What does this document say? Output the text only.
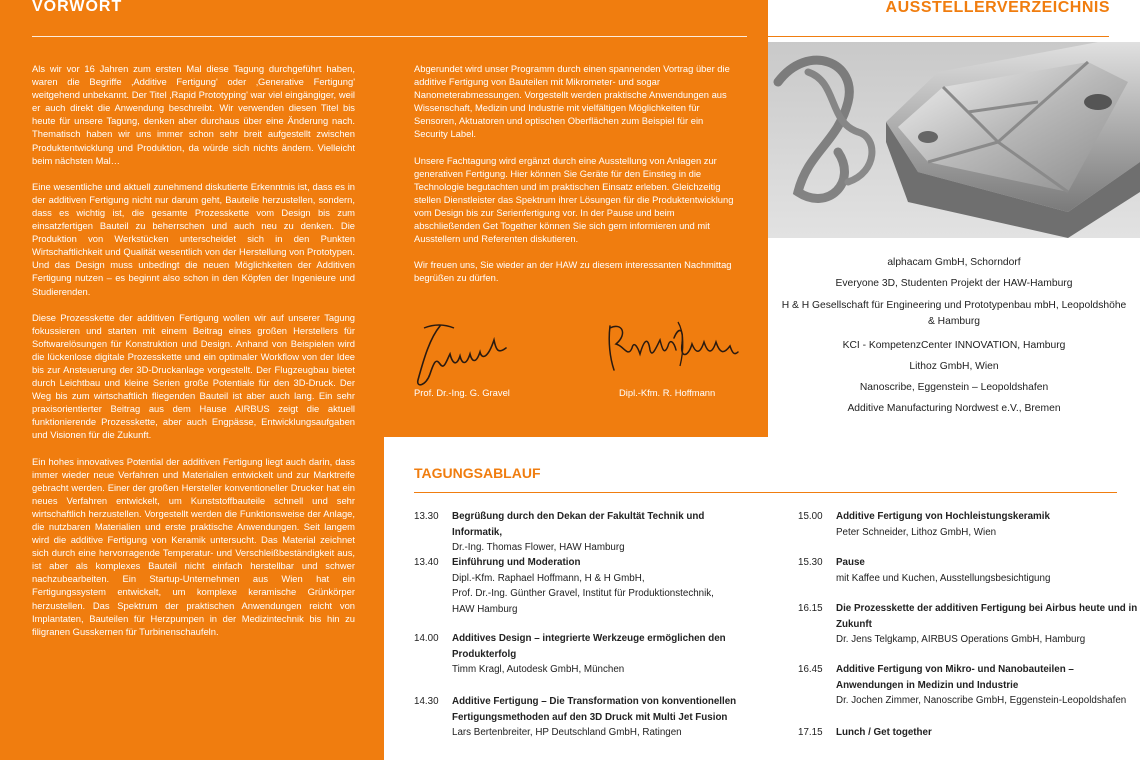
VORWORT

Als wir vor 16 Jahren zum ersten Mal diese Tagung durchgeführt haben, waren die Begriffe ‚Additive Fertigung' oder ‚Generative Fertigung' weitgehend unbekannt. Der Titel ‚Rapid Prototyping' war viel eingängiger, weil er auch direkt die Anwendung beschreibt. Wir verwenden diesen Titel bis heute für unsere Tagung, denken aber durchaus über eine Änderung nach. Thematisch haben wir uns immer schon sehr breit aufgestellt zwischen Produktentwicklung und Produktion, da würde sich nichts ändern. Vielleicht beim nächsten Mal…

Eine wesentliche und aktuell zunehmend diskutierte Erkenntnis ist, dass es in der additiven Fertigung nicht nur darum geht, Bauteile herzustellen, sondern, dass es wichtig ist, die gesamte Prozesskette vom Design bis zum einsatzfertigen Bauteil zu beherrschen und auch neu zu denken. Die Produktion von Werkstücken unterscheidet sich in den Punkten Wirtschaftlichkeit und Qualität wesentlich von der Herstellung von Prototypen. Und das Design muss unbedingt die neuen Möglichkeiten der Additiven Fertigung nutzen – es beginnt also schon in den Köpfen der Ingenieure und Studierenden.

Diese Prozesskette der additiven Fertigung wollen wir auf unserer Tagung fokussieren und starten mit einem Beitrag eines großen Herstellers für Softwarelösungen für Konstruktion und Design. Anhand von Beispielen wird die lückenlose digitale Prozesskette und ein optimaler Workflow von der Idee bis zur Ansteuerung der 3D-Druckanlage vorgestellt. Der Flugzeugbau bietet durch Leichtbau und kleine Serien große Potentiale für den 3D-Druck. Der Weg bis zum wirtschaftlich fliegenden Bauteil ist aber auch lang. Ein sehr praxisorientierter Beitrag aus dem Hause AIRBUS zeigt die aktuell funktionierende Prozesskette, aber auch Engpässe, Entwicklungsaufgaben und Visionen für die Zukunft.

Ein hohes innovatives Potential der additiven Fertigung liegt auch darin, dass immer wieder neue Verfahren und Materialien entwickelt und zur Marktreife gebracht werden. Einer der großen Hersteller konventioneller Drucker hat ein neues Verfahren entwickelt, um Kunststoffbauteile schnell und sehr wirtschaftlich herzustellen. Vorgestellt werden die Funktionsweise der Anlage, die nutzbaren Materialien und erste praktische Anwendungen. Seit langem wird die additive Fertigung von Keramik untersucht. Das Material zeichnet sich durch eine hervorragende Temperatur- und Verschleißbeständigkeit aus, ist aber als komplexes Bauteil nicht einfach herstellbar und schwer nachzubearbeiten. Ein Startup-Unternehmen aus Wien hat ein Fertigungssystem entwickelt, um komplexe keramische Grünkörper herzustellen. Das Spektrum der praktischen Anwendungen reicht von Implantaten, Bauteilen für Herzpumpen in der Medizintechnik bis hin zu filigranen Gusskernen für Turbinenschaufeln.

Abgerundet wird unser Programm durch einen spannenden Vortrag über die additive Fertigung von Bauteilen mit Mikrometer- und sogar Nanometerabmessungen. Vorgestellt werden praktische Anwendungen aus Wissenschaft, Medizin und Industrie mit vielfältigen Möglichkeiten für Sensoren, Aktuatoren und optischen Oberflächen zum Beispiel für ein Security Label.

Unsere Fachtagung wird ergänzt durch eine Ausstellung von Anlagen zur generativen Fertigung. Hier können Sie Geräte für den Einstieg in die Technologie begutachten und im praktischen Einsatz erleben. Gleichzeitig stellen Dienstleister das Spektrum ihrer Lösungen für die Produktentwicklung vom Design bis zur Serienfertigung vor. In der Pause und beim abschließenden Get Together können Sie sich gern informieren und mit Ausstellern und Referenten diskutieren.

Wir freuen uns, Sie wieder an der HAW zu diesem interessanten Nachmittag begrüßen zu dürfen.

Prof. Dr.-Ing. G. Gravel	Dipl.-Kfm. R. Hoffmann
AUSSTELLERVERZEICHNIS
alphacam GmbH, Schorndorf
Everyone 3D, Studenten Projekt der HAW-Hamburg
H & H Gesellschaft für Engineering und Prototypenbau mbH, Leopoldshöhe & Hamburg
KCI - KompetenzCenter INNOVATION, Hamburg
Lithoz GmbH, Wien
Nanoscribe, Eggenstein – Leopoldshafen
Additive Manufacturing Nordwest e.V., Bremen
TAGUNGSABLAUF
13.30	Begrüßung durch den Dekan der Fakultät Technik und Informatik,
Dr.-Ing. Thomas Flower, HAW Hamburg
13.40	Einführung und Moderation
Dipl.-Kfm. Raphael Hoffmann, H & H GmbH,
Prof. Dr.-Ing. Günther Gravel, Institut für Produktionstechnik,
HAW Hamburg
14.00	Additives Design – integrierte Werkzeuge ermöglichen den Produkterfolg
Timm Kragl, Autodesk GmbH, München
14.30	Additive Fertigung – Die Transformation von konventionellen Fertigungsmethoden auf den 3D Druck mit Multi Jet Fusion
Lars Bertenbreiter, HP Deutschland GmbH, Ratingen
15.00	Additive Fertigung von Hochleistungskeramik
Peter Schneider, Lithoz GmbH, Wien
15.30	Pause
mit Kaffee und Kuchen, Ausstellungsbesichtigung
16.15	Die Prozesskette der additiven Fertigung bei Airbus heute und in Zukunft
Dr. Jens Telgkamp, AIRBUS Operations GmbH, Hamburg
16.45	Additive Fertigung von Mikro- und Nanobauteilen – Anwendungen in Medizin und Industrie
Dr. Jochen Zimmer, Nanoscribe GmbH, Eggenstein-Leopoldshafen
17.15	Lunch / Get together
